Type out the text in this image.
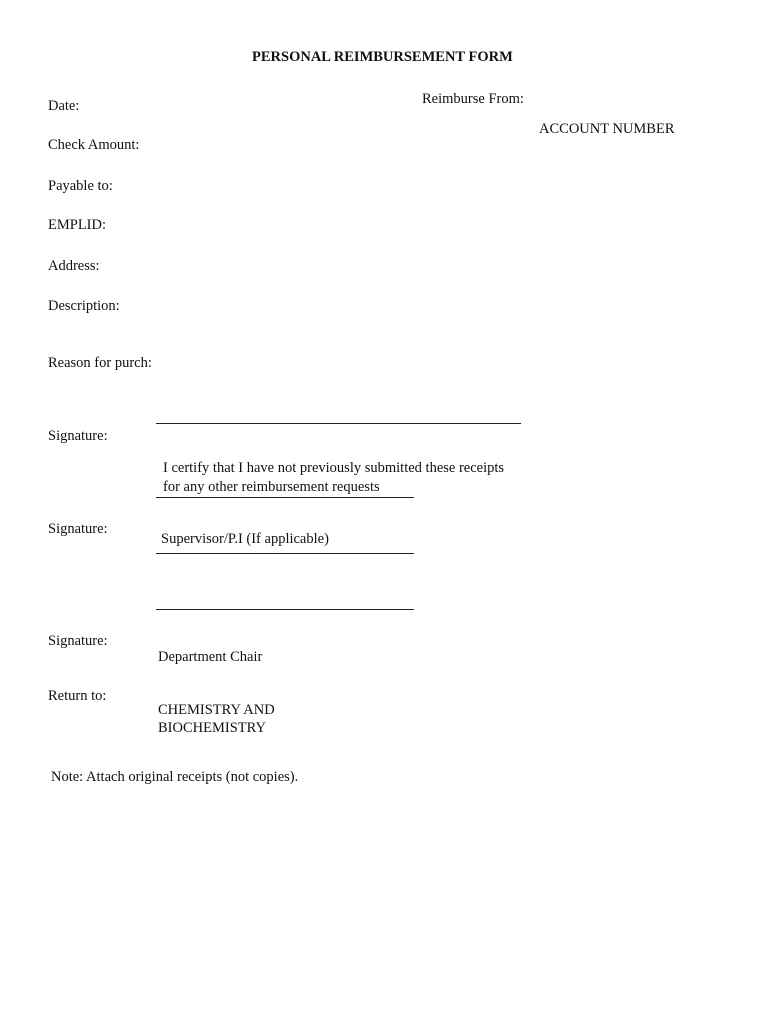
PERSONAL REIMBURSEMENT FORM
Reimburse From:
ACCOUNT NUMBER
Date:
Check Amount:
Payable to:
EMPLID:
Address:
Description:
Reason for purch:
Signature:
I certify that I have not previously submitted these receipts
for any other reimbursement requests
Signature:
Supervisor/P.I (If applicable)
Signature:
Department Chair
Return to:
CHEMISTRY AND
BIOCHEMISTRY
Note: Attach original receipts (not copies).
